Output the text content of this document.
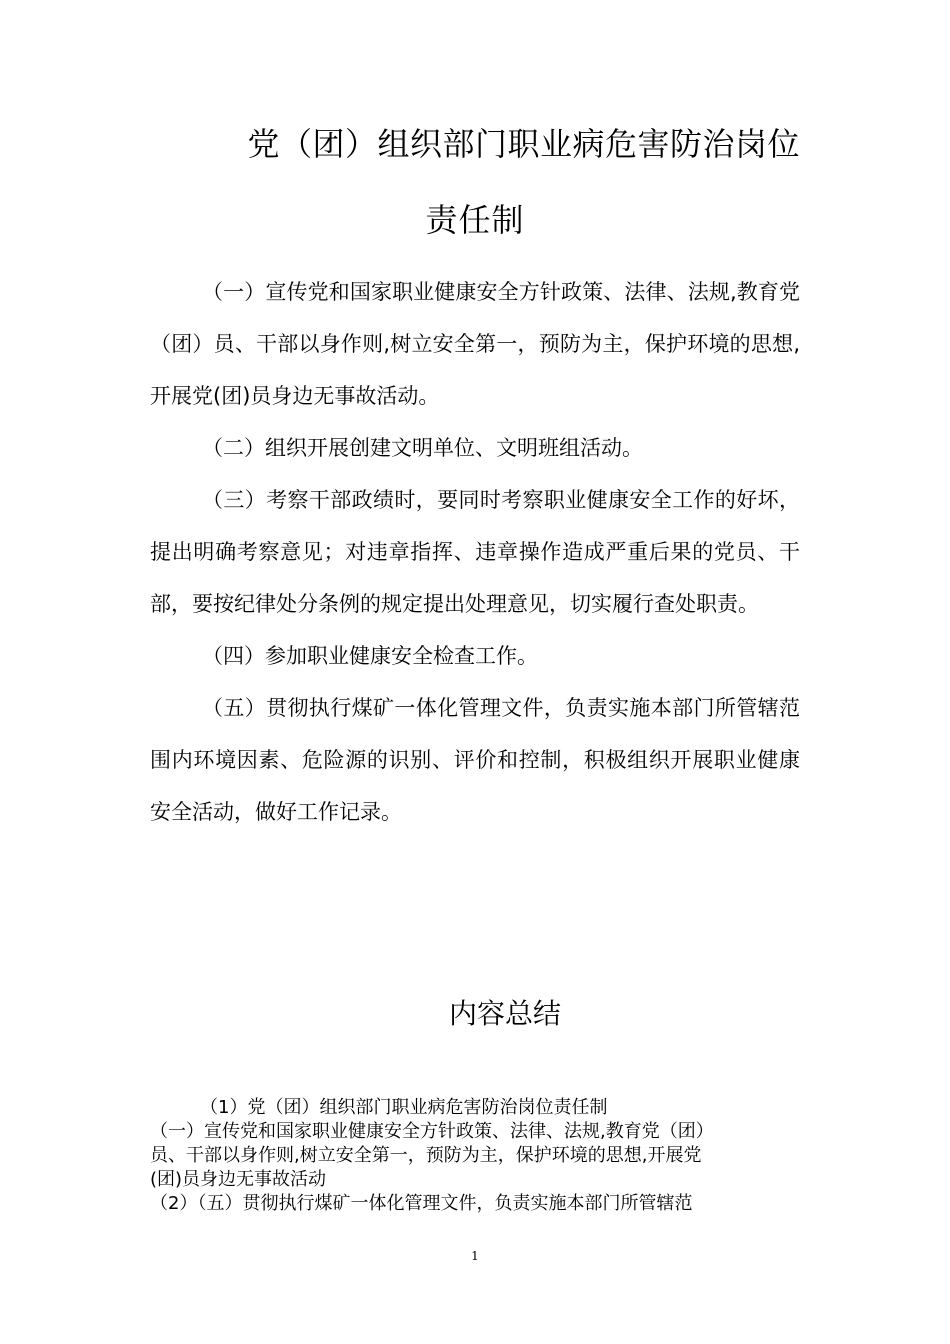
党（团）组织部门职业病危害防治岗位
责任制

（一）宣传党和国家职业健康安全方针政策、法律、法规,教育党（团）员、干部以身作则,树立安全第一，预防为主，保护环境的思想,开展党(团)员身边无事故活动。

（二）组织开展创建文明单位、文明班组活动。

（三）考察干部政绩时，要同时考察职业健康安全工作的好坏，提出明确考察意见；对违章指挥、违章操作造成严重后果的党员、干部，要按纪律处分条例的规定提出处理意见，切实履行查处职责。

（四）参加职业健康安全检查工作。

（五）贯彻执行煤矿一体化管理文件，负责实施本部门所管辖范围内环境因素、危险源的识别、评价和控制，积极组织开展职业健康安全活动，做好工作记录。

内容总结

（1）党（团）组织部门职业病危害防治岗位责任制

（一）宣传党和国家职业健康安全方针政策、法律、法规,教育党（团）

员、干部以身作则,树立安全第一，预防为主，保护环境的思想,开展党

(团)员身边无事故活动

（2）（五）贯彻执行煤矿一体化管理文件，负责实施本部门所管辖范

1
